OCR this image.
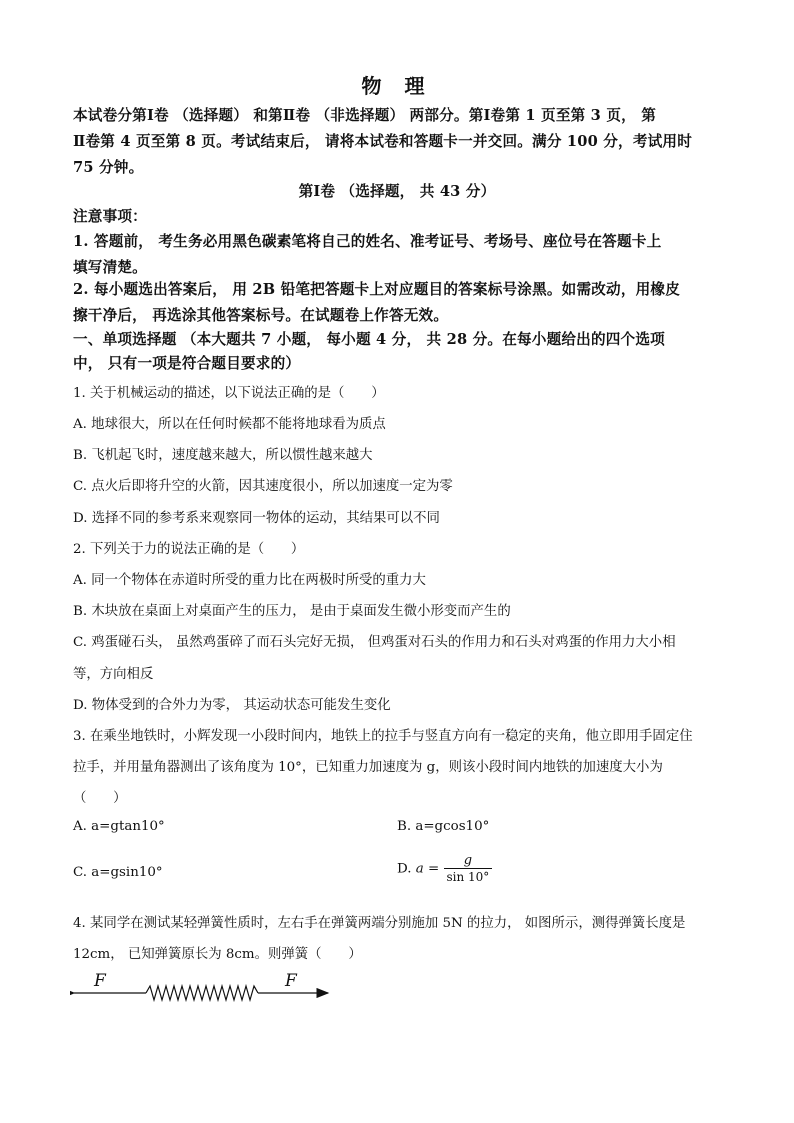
物 理
本试卷分第Ⅰ卷 （选择题） 和第Ⅱ卷 （非选择题） 两部分。第Ⅰ卷第 1 页至第 3 页， 第
Ⅱ卷第 4 页至第 8 页。考试结束后， 请将本试卷和答题卡一并交回。满分 100 分，考试用时
75 分钟。
第Ⅰ卷 （选择题， 共 43 分）
注意事项：
1. 答题前， 考生务必用黑色碳素笔将自己的姓名、准考证号、考场号、座位号在答题卡上
填写清楚。
2. 每小题选出答案后， 用 2B 铅笔把答题卡上对应题目的答案标号涂黑。如需改动，用橡皮
擦干净后， 再选涂其他答案标号。在试题卷上作答无效。
一、单项选择题 （本大题共 7 小题， 每小题 4 分， 共 28 分。在每小题给出的四个选项
中， 只有一项是符合题目要求的）
1. 关于机械运动的描述，以下说法正确的是（　　）
A. 地球很大，所以在任何时候都不能将地球看为质点
B. 飞机起飞时，速度越来越大，所以惯性越来越大
C. 点火后即将升空的火箭，因其速度很小，所以加速度一定为零
D. 选择不同的参考系来观察同一物体的运动，其结果可以不同
2. 下列关于力的说法正确的是（　　）
A. 同一个物体在赤道时所受的重力比在两极时所受的重力大
B. 木块放在桌面上对桌面产生的压力， 是由于桌面发生微小形变而产生的
C. 鸡蛋碰石头， 虽然鸡蛋碎了而石头完好无损， 但鸡蛋对石头的作用力和石头对鸡蛋的作用力大小相
等，方向相反
D. 物体受到的合外力为零， 其运动状态可能发生变化
3. 在乘坐地铁时，小辉发现一小段时间内，地铁上的拉手与竖直方向有一稳定的夹角，他立即用手固定住
拉手，并用量角器测出了该角度为 10°，已知重力加速度为 g，则该小段时间内地铁的加速度大小为
（　　）
A. a=gtan10°	B. a=gcos10°
C. a=gsin10°	D. $a = \frac{g}{\sin 10^\circ}$
4. 某同学在测试某轻弹簧性质时，左右手在弹簧两端分别施加 5N 的拉力， 如图所示，测得弹簧长度是
12cm， 已知弹簧原长为 8cm。则弹簧（　　）
F	F
